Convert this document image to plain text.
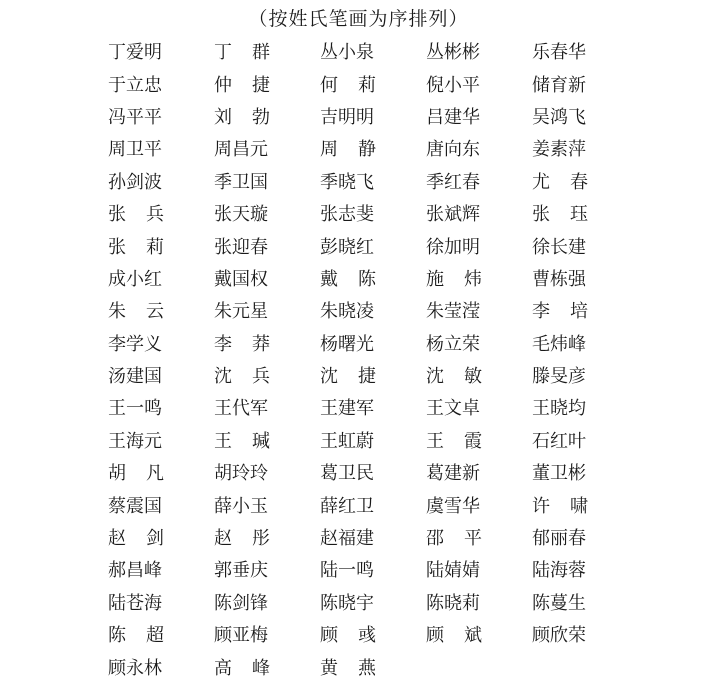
（按姓氏笔画为序排列）
丁爱明	丁 群	丛小泉	丛彬彬	乐春华
于立忠	仲 捷	何 莉	倪小平	储育新
冯平平	刘 勃	吉明明	吕建华	吴鸿飞
周卫平	周昌元	周 静	唐向东	姜素萍
孙剑波	季卫国	季晓飞	季红春	尤 春
张 兵	张天璇	张志斐	张斌辉	张 珏
张 莉	张迎春	彭晓红	徐加明	徐长建
成小红	戴国权	戴 陈	施 炜	曹栋强
朱 云	朱元星	朱晓凌	朱莹滢	李 培
李学义	李 莽	杨曙光	杨立荣	毛炜峰
汤建国	沈 兵	沈 捷	沈 敏	滕旻彦
王一鸣	王代军	王建军	王文卓	王晓均
王海元	王 瑊	王虹蔚	王 霞	石红叶
胡 凡	胡玲玲	葛卫民	葛建新	董卫彬
蔡震国	薛小玉	薛红卫	虞雪华	许 啸
赵 剑	赵 彤	赵福建	邵 平	郁丽春
郝昌峰	郭垂庆	陆一鸣	陆婧婧	陆海蓉
陆苍海	陈剑锋	陈晓宇	陈晓莉	陈蔓生
陈 超	顾亚梅	顾 彧	顾 斌	顾欣荣
顾永林	高 峰	黄 燕
